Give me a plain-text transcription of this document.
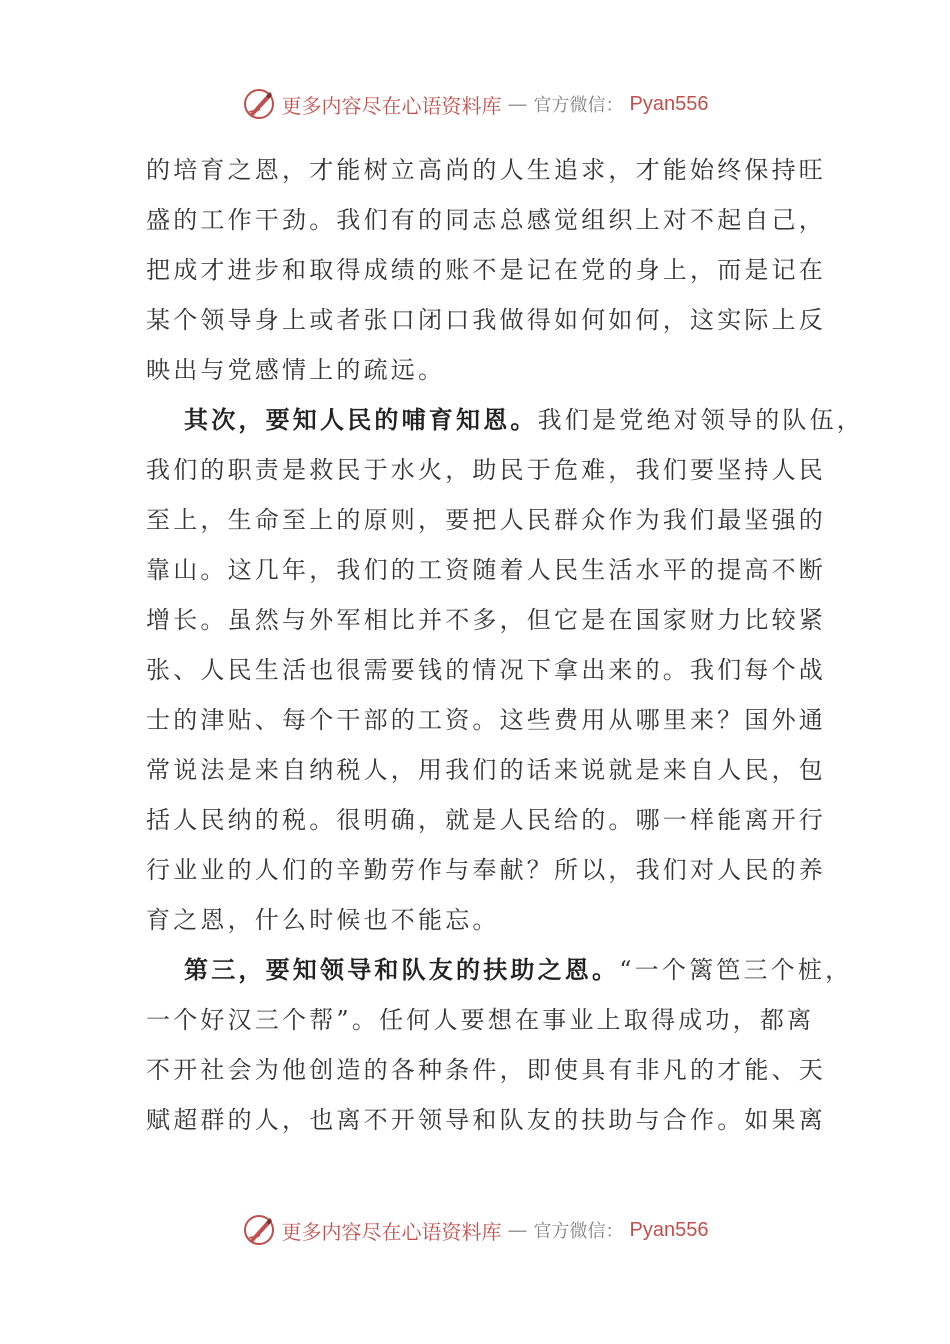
更多内容尽在心语资料库 — 官方微信： Pyan556
的培育之恩，才能树立高尚的人生追求，才能始终保持旺
盛的工作干劲。我们有的同志总感觉组织上对不起自己，
把成才进步和取得成绩的账不是记在党的身上，而是记在
某个领导身上或者张口闭口我做得如何如何，这实际上反
映出与党感情上的疏远。
其次，要知人民的哺育知恩。我们是党绝对领导的队伍，
我们的职责是救民于水火，助民于危难，我们要坚持人民
至上，生命至上的原则，要把人民群众作为我们最坚强的
靠山。这几年，我们的工资随着人民生活水平的提高不断
增长。虽然与外军相比并不多，但它是在国家财力比较紧
张、人民生活也很需要钱的情况下拿出来的。我们每个战
士的津贴、每个干部的工资。这些费用从哪里来？国外通
常说法是来自纳税人，用我们的话来说就是来自人民，包
括人民纳的税。很明确，就是人民给的。哪一样能离开行
行业业的人们的辛勤劳作与奉献？所以，我们对人民的养
育之恩，什么时候也不能忘。
第三，要知领导和队友的扶助之恩。“一个篱笆三个桩，
一个好汉三个帮”。任何人要想在事业上取得成功，都离
不开社会为他创造的各种条件，即使具有非凡的才能、天
赋超群的人，也离不开领导和队友的扶助与合作。如果离
更多内容尽在心语资料库 — 官方微信： Pyan556
